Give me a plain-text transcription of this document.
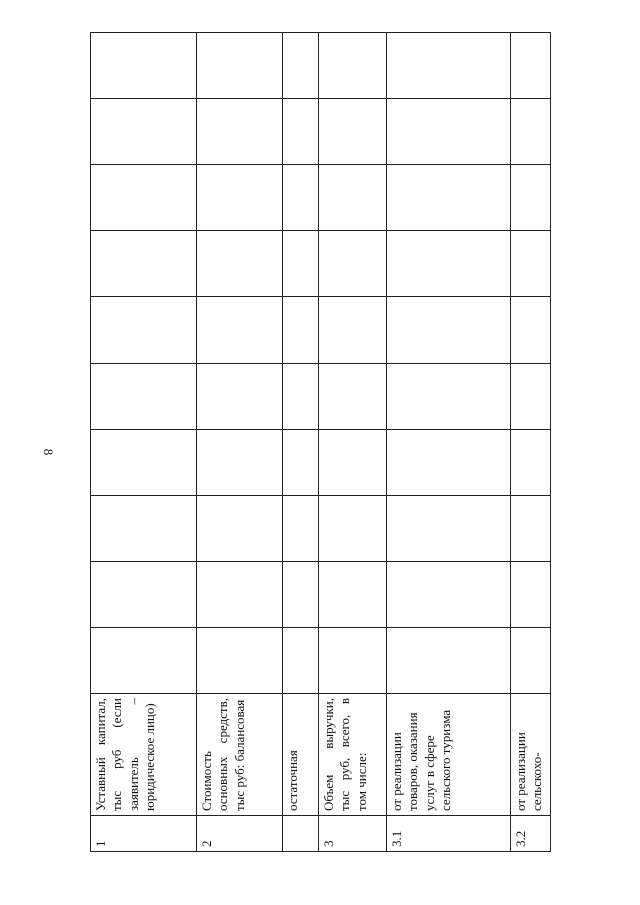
8
1	Уставный капитал, тыс руб (если заявитель – юридическое лицо)										
2	Стоимость основных средств, тыс руб: балансовая										
	остаточная										
3	Объем выручки, тыс руб, всего, в том числе:										
3.1	от реализации товаров, оказания услуг в сфере сельского туризма										
3.2	от реализации сельскохо-										
